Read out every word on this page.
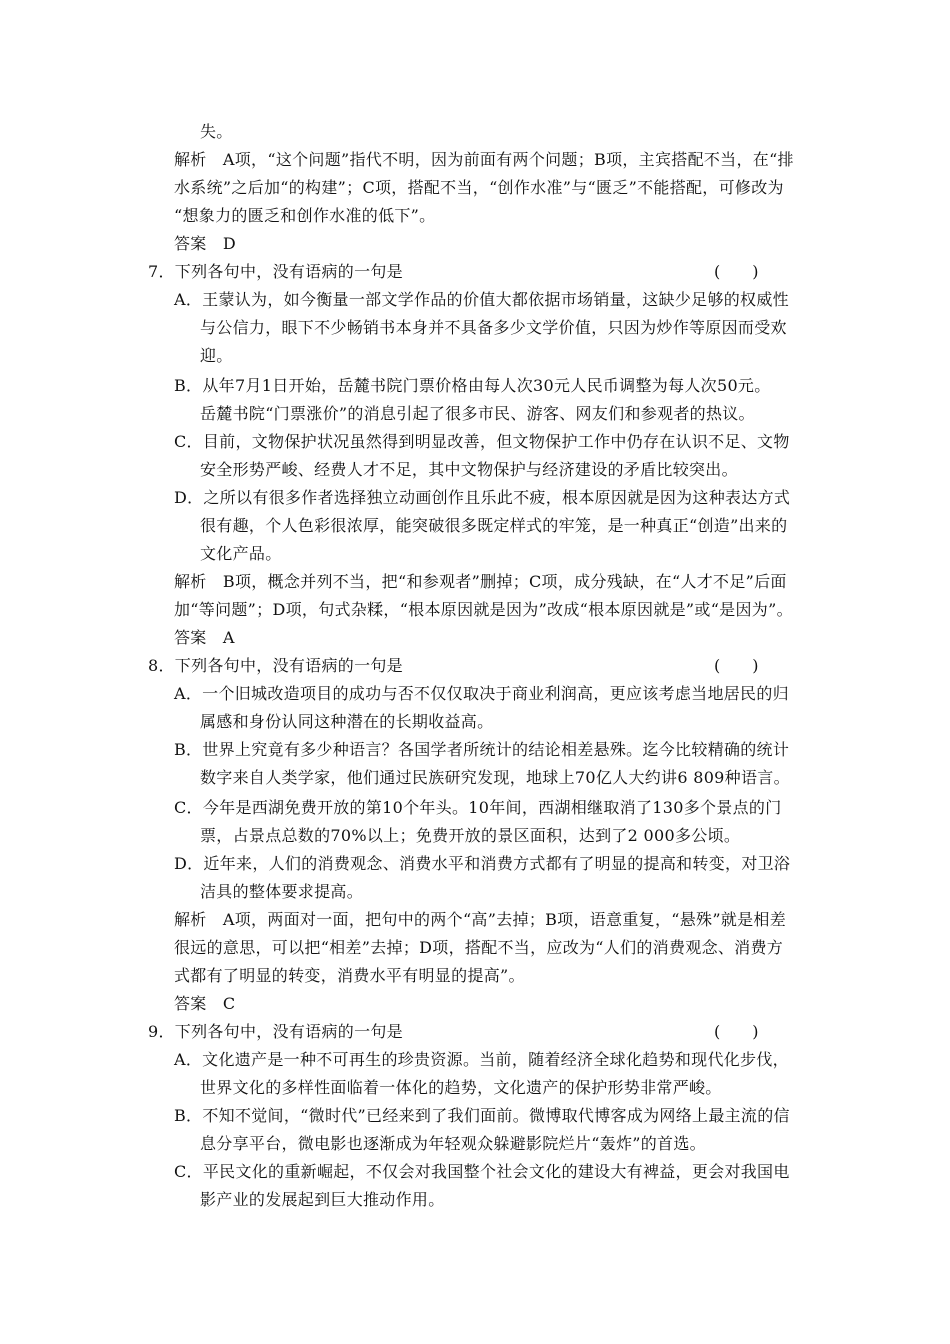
失。
解析　A项，“这个问题”指代不明，因为前面有两个问题；B项，主宾搭配不当，在“排
水系统”之后加“的构建”；C项，搭配不当，“创作水准”与“匮乏”不能搭配，可修改为
“想象力的匮乏和创作水准的低下”。
答案　D
7．下列各句中，没有语病的一句是	(　　)
A．王蒙认为，如今衡量一部文学作品的价值大都依据市场销量，这缺少足够的权威性
与公信力，眼下不少畅销书本身并不具备多少文学价值，只因为炒作等原因而受欢
迎。
B．从年7月1日开始，岳麓书院门票价格由每人次30元人民币调整为每人次50元。
岳麓书院“门票涨价”的消息引起了很多市民、游客、网友们和参观者的热议。
C．目前，文物保护状况虽然得到明显改善，但文物保护工作中仍存在认识不足、文物
安全形势严峻、经费人才不足，其中文物保护与经济建设的矛盾比较突出。
D．之所以有很多作者选择独立动画创作且乐此不疲，根本原因就是因为这种表达方式
很有趣，个人色彩很浓厚，能突破很多既定样式的牢笼，是一种真正“创造”出来的
文化产品。
解析　B项，概念并列不当，把“和参观者”删掉；C项，成分残缺，在“人才不足”后面
加“等问题”；D项，句式杂糅，“根本原因就是因为”改成“根本原因就是”或“是因为”。
答案　A
8．下列各句中，没有语病的一句是	(　　)
A．一个旧城改造项目的成功与否不仅仅取决于商业利润高，更应该考虑当地居民的归
属感和身份认同这种潜在的长期收益高。
B．世界上究竟有多少种语言？各国学者所统计的结论相差悬殊。迄今比较精确的统计
数字来自人类学家，他们通过民族研究发现，地球上70亿人大约讲6 809种语言。
C．今年是西湖免费开放的第10个年头。10年间，西湖相继取消了130多个景点的门
票，占景点总数的70%以上；免费开放的景区面积，达到了2 000多公顷。
D．近年来，人们的消费观念、消费水平和消费方式都有了明显的提高和转变，对卫浴
洁具的整体要求提高。
解析　A项，两面对一面，把句中的两个“高”去掉；B项，语意重复，“悬殊”就是相差
很远的意思，可以把“相差”去掉；D项，搭配不当，应改为“人们的消费观念、消费方
式都有了明显的转变，消费水平有明显的提高”。
答案　C
9．下列各句中，没有语病的一句是	(　　)
A．文化遗产是一种不可再生的珍贵资源。当前，随着经济全球化趋势和现代化步伐，
世界文化的多样性面临着一体化的趋势，文化遗产的保护形势非常严峻。
B．不知不觉间，“微时代”已经来到了我们面前。微博取代博客成为网络上最主流的信
息分享平台，微电影也逐渐成为年轻观众躲避影院烂片“轰炸”的首选。
C．平民文化的重新崛起，不仅会对我国整个社会文化的建设大有裨益，更会对我国电
影产业的发展起到巨大推动作用。
